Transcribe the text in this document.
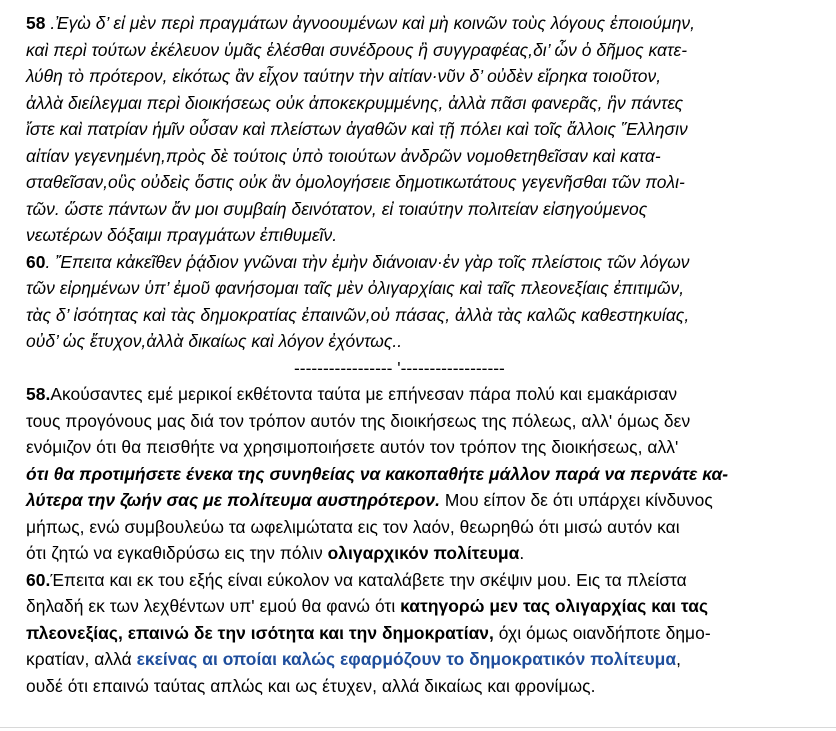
58 .Ἐγὼ δ’ εἰ μὲν περὶ πραγμάτων ἀγνοουμένων καὶ μὴ κοινῶν τοὺς λόγους ἐποιούμην,
καὶ περὶ τούτων ἐκέλευον ὑμᾶς ἑλέσθαι συνέδρους ἢ συγγραφέας,δι’ ὧν ὁ δῆμος κατε-
λύθη τὸ πρότερον, εἰκότως ἂν εἶχον ταύτην τὴν αἰτίαν·νῦν δ’ οὐδὲν εἴρηκα τοιοῦτον,
ἀλλὰ διείλεγμαι περὶ διοικήσεως οὐκ ἀποκεκρυμμένης, ἀλλὰ πᾶσι φανερᾶς, ἣν πάντες
ἴστε καὶ πατρίαν ἡμῖν οὖσαν καὶ πλείστων ἀγαθῶν καὶ τῇ πόλει καὶ τοῖς ἄλλοις Ἕλλησιν
αἰτίαν γεγενημένη,πρὸς δὲ τούτοις ὑπὸ τοιούτων ἀνδρῶν νομοθετηθεῖσαν καὶ κατα-
σταθεῖσαν,οὓς οὐδεὶς ὅστις οὐκ ἂν ὁμολογήσειε δημοτικωτάτους γεγενῆσθαι τῶν πολι-
τῶν. ὥστε πάντων ἄν μοι συμβαίη δεινότατον, εἰ τοιαύτην πολιτείαν εἰσηγούμενος
νεωτέρων δόξαιμι πραγμάτων ἐπιθυμεῖν.
60. Ἔπειτα κἀκεῖθεν ῥᾴδιον γνῶναι τὴν ἐμὴν διάνοιαν·ἐν γὰρ τοῖς πλείστοις τῶν λόγων
τῶν εἰρημένων ὑπ’ ἐμοῦ φανήσομαι ταῖς μὲν ὀλιγαρχίαις καὶ ταῖς πλεονεξίαις ἐπιτιμῶν,
τὰς δ’ ἰσότητας καὶ τὰς δημοκρατίας ἐπαινῶν,οὐ πάσας, ἀλλὰ τὰς καλῶς καθεστηκυίας,
οὐδ’ ὡς ἔτυχον,ἀλλὰ δικαίως καὶ λόγον ἐχόντως..
----------------- '------------------
58.Ακούσαντες εμέ μερικοί εκθέτοντα ταύτα με επήνεσαν πάρα πολύ και εμακάρισαν
τους προγόνους μας διά τον τρόπον αυτόν της διοικήσεως της πόλεως, αλλ' όμως δεν
ενόμιζον ότι θα πεισθήτε να χρησιμοποιήσετε αυτόν τον τρόπον της διοικήσεως, αλλ'
ότι θα προτιμήσετε ένεκα της συνηθείας να κακοπαθήτε μάλλον παρά να περνάτε κα-
λύτερα την ζωήν σας με πολίτευμα αυστηρότερον. Μου είπον δε ότι υπάρχει κίνδυνος
μήπως, ενώ συμβουλεύω τα ωφελιμώτατα εις τον λαόν, θεωρηθώ ότι μισώ αυτόν και
ότι ζητώ να εγκαθιδρύσω εις την πόλιν ολιγαρχικόν πολίτευμα.
60.Έπειτα και εκ του εξής είναι εύκολον να καταλάβετε την σκέψιν μου. Εις τα πλείστα
δηλαδή εκ των λεχθέντων υπ' εμού θα φανώ ότι κατηγορώ μεν τας ολιγαρχίας και τας
πλεονεξίας, επαινώ δε την ισότητα και την δημοκρατίαν, όχι όμως οιανδήποτε δημο-
κρατίαν, αλλά εκείνας αι οποίαι καλώς εφαρμόζουν το δημοκρατικόν πολίτευμα,
ουδέ ότι επαινώ ταύτας απλώς και ως έτυχεν, αλλά δικαίως και φρονίμως.
